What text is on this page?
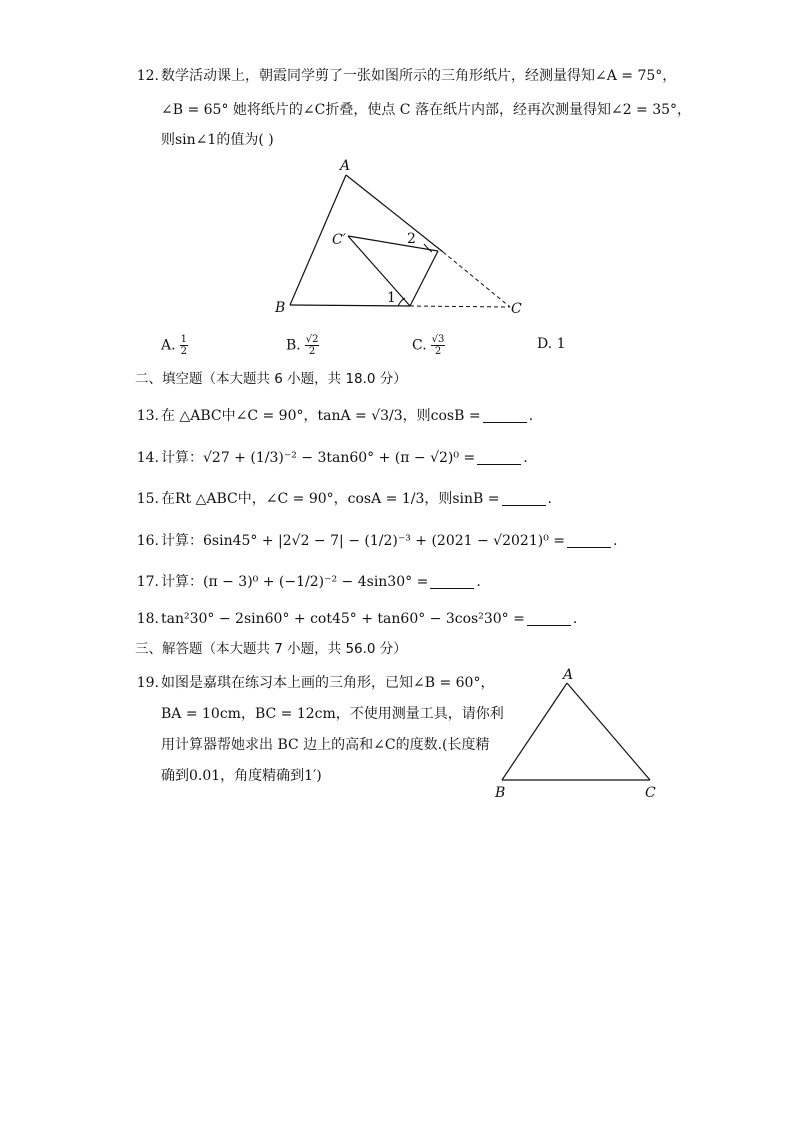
12. 数学活动课上，朝霞同学剪了一张如图所示的三角形纸片，经测量得知∠A = 75°，
∠B = 65° 她将纸片的∠C折叠，使点 C 落在纸片内部，经再次测量得知∠2 = 35°，
则sin∠1的值为( )
A
B	C
C′
1
2
A. $\frac{1}{2}$	B. $\frac{√2}{2}$	C. $\frac{√3}{2}$	D. 1
二、填空题（本大题共 6 小题，共 18.0 分）
13. 在 △ABC中∠C = 90°，tanA = √3/3，则cosB =	.
14. 计算：√27 + (1/3)⁻² − 3tan60° + (π − √2)⁰ =	.
15. 在Rt △ABC中，∠C = 90°，cosA = 1/3，则sinB =	.
16. 计算：6sin45° + |2√2 − 7| − (1/2)⁻³ + (2021 − √2021)⁰ =	.
17. 计算：(π − 3)⁰ + (−1/2)⁻² − 4sin30° =	.
18. tan²30° − 2sin60° + cot45° + tan60° − 3cos²30° =	.
三、解答题（本大题共 7 小题，共 56.0 分）
19. 如图是嘉琪在练习本上画的三角形，已知∠B = 60°，
BA = 10cm，BC = 12cm，不使用测量工具，请你利
用计算器帮她求出 BC 边上的高和∠C的度数.(长度精
确到0.01，角度精确到1′)
A
B	C
